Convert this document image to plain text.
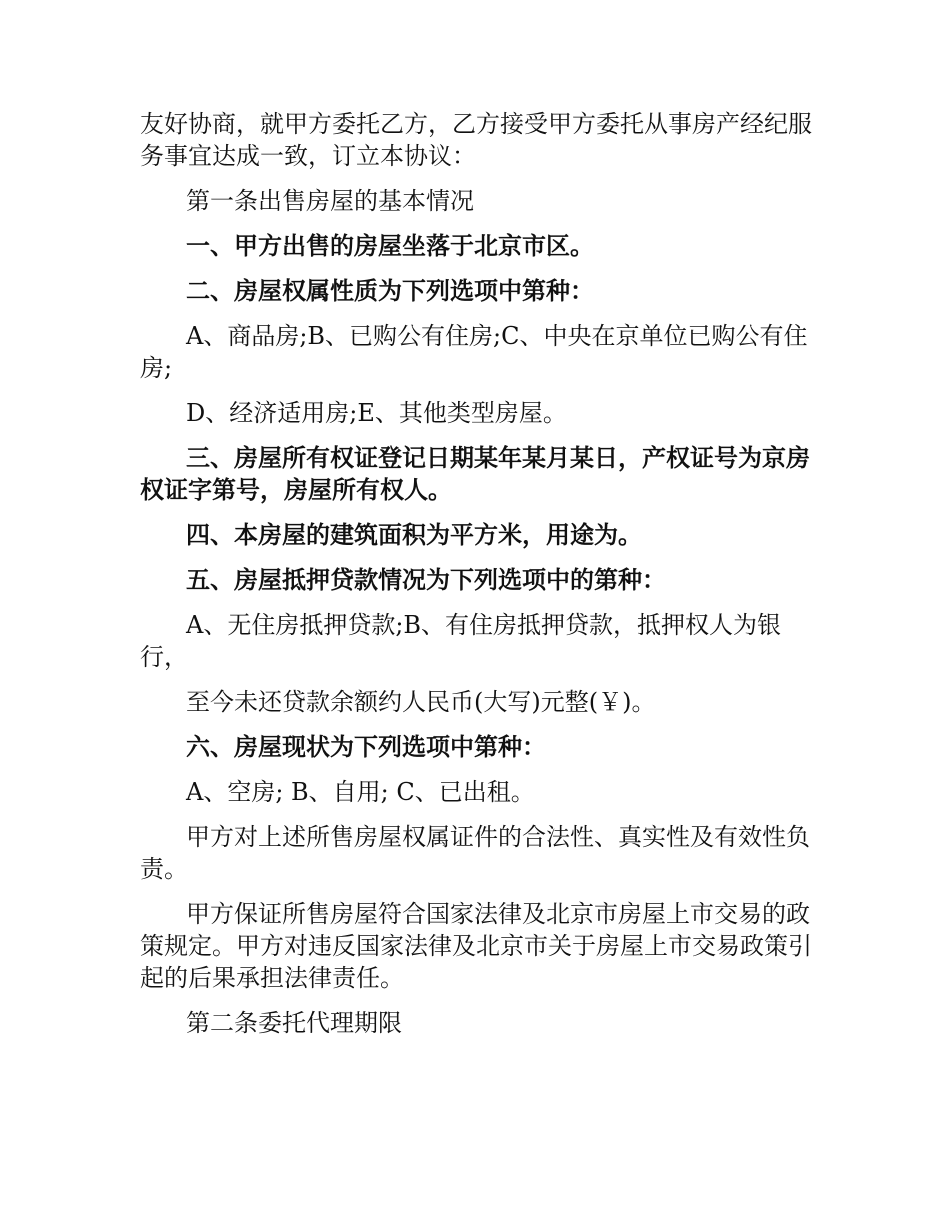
友好协商，就甲方委托乙方，乙方接受甲方委托从事房产经纪服务事宜达成一致，订立本协议：

第一条出售房屋的基本情况

一、甲方出售的房屋坐落于北京市区。

二、房屋权属性质为下列选项中第种：

A、商品房;B、已购公有住房;C、中央在京单位已购公有住房;

D、经济适用房;E、其他类型房屋。

三、房屋所有权证登记日期某年某月某日，产权证号为京房权证字第号，房屋所有权人。

四、本房屋的建筑面积为平方米，用途为。

五、房屋抵押贷款情况为下列选项中的第种：

A、无住房抵押贷款;B、有住房抵押贷款，抵押权人为银行，

至今未还贷款余额约人民币(大写)元整(￥)。

六、房屋现状为下列选项中第种：

A、空房; B、自用; C、已出租。

甲方对上述所售房屋权属证件的合法性、真实性及有效性负责。

甲方保证所售房屋符合国家法律及北京市房屋上市交易的政策规定。甲方对违反国家法律及北京市关于房屋上市交易政策引起的后果承担法律责任。

第二条委托代理期限
